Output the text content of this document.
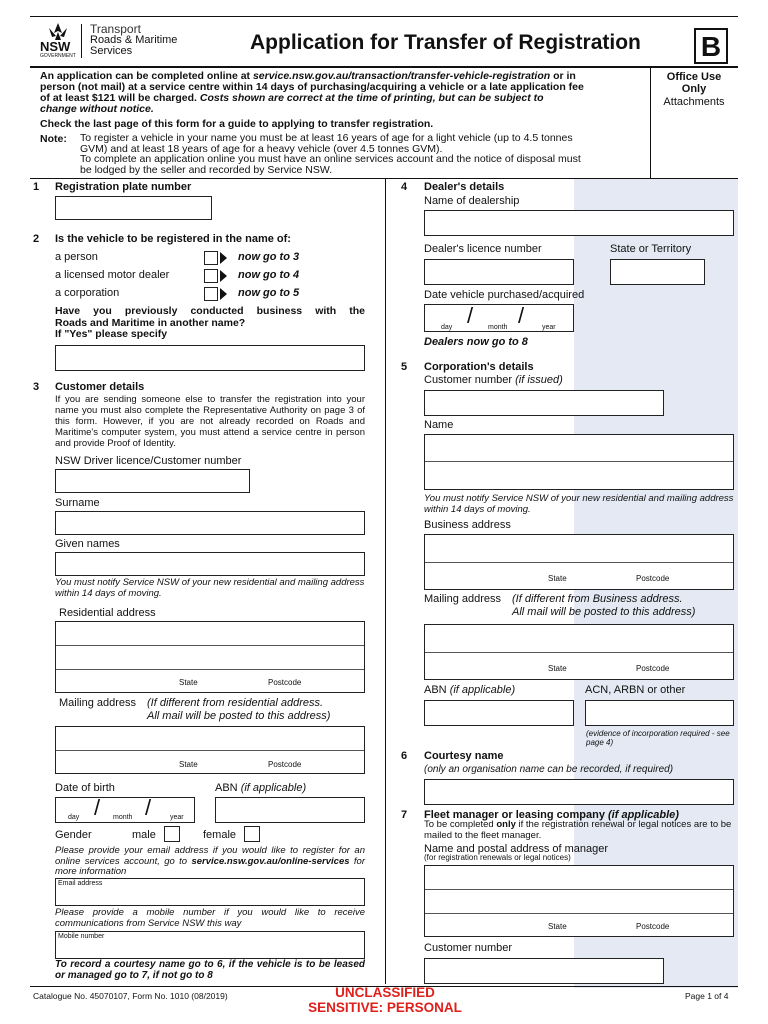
NSW
GOVERNMENT
Transport
Roads & Maritime
Services	Application for Transfer of Registration B
An application can be completed online at service.nsw.gov.au/transaction/transfer-vehicle-registration or in
person (not mail) at a service centre within 14 days of purchasing/acquiring a vehicle or a late application fee
of at least $121 will be charged. Costs shown are correct at the time of printing, but can be subject to
change without notice.
Check the last page of this form for a guide to applying to transfer registration.
Note: To register a vehicle in your name you must be at least 16 years of age for a light vehicle (up to 4.5 tonnes
GVM) and at least 18 years of age for a heavy vehicle (over 4.5 tonnes GVM).
To complete an application online you must have an online services account and the notice of disposal must
be lodged by the seller and recorded by Service NSW.
Office Use
Only
Attachments
1 Registration plate number
2 Is the vehicle to be registered in the name of:
a person	now go to 3
a licensed motor dealer	now go to 4
a corporation	now go to 5
Have you previously conducted business with the
Roads and Maritime in another name?
If "Yes" please specify
3 Customer details
If you are sending someone else to transfer the registration into your name you must also complete the Representative Authority on page 3 of this form. However, if you are not already recorded on Roads and Maritime's computer system, you must attend a service centre in person and provide Proof of Identity.
NSW Driver licence/Customer number
Surname
Given names
You must notify Service NSW of your new residential and mailing address within 14 days of moving.
Residential address
State	Postcode
Mailing address (If different from residential address.
All mail will be posted to this address)
State	Postcode
Date of birth	ABN (if applicable)
/ /
day	month	year
Gender	male	female
Please provide your email address if you would like to register for an online services account, go to service.nsw.gov.au/online-services for more information
Email address
Please provide a mobile number if you would like to receive communications from Service NSW this way
Mobile number
To record a courtesy name go to 6, if the vehicle is to be leased or managed go to 7, if not go to 8
4 Dealer's details
Name of dealership
Dealer's licence number	State or Territory
Date vehicle purchased/acquired
/ /
day	month	year
Dealers now go to 8
5 Corporation's details
Customer number (if issued)
Name
You must notify Service NSW of your new residential and mailing address within 14 days of moving.
Business address
State	Postcode
Mailing address (If different from Business address.
All mail will be posted to this address)
State	Postcode
ABN (if applicable)	ACN, ARBN or other
(evidence of incorporation required - see page 4)
6 Courtesy name
(only an organisation name can be recorded, if required)
7 Fleet manager or leasing company (if applicable)
To be completed only if the registration renewal or legal notices are to be mailed to the fleet manager.
Name and postal address of manager
(for registration renewals or legal notices)
State	Postcode
Customer number
Catalogue No. 45070107, Form No. 1010 (08/2019)	UNCLASSIFIED
SENSITIVE: PERSONAL
Page 1 of 4
